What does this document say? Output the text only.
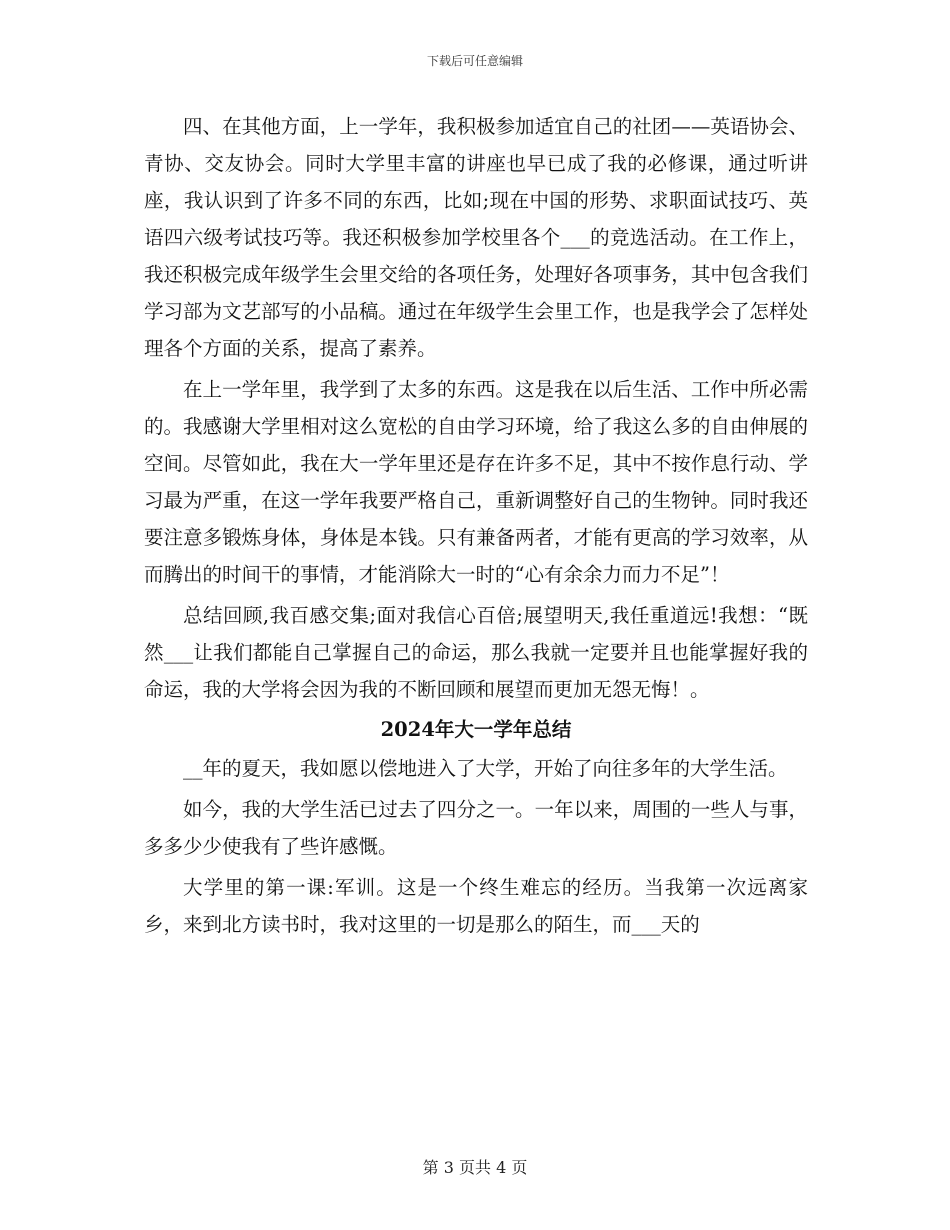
下载后可任意编辑

四、在其他方面，上一学年，我积极参加适宜自己的社团——英语协会、青协、交友协会。同时大学里丰富的讲座也早已成了我的必修课，通过听讲座，我认识到了许多不同的东西，比如;现在中国的形势、求职面试技巧、英语四六级考试技巧等。我还积极参加学校里各个___的竞选活动。在工作上，我还积极完成年级学生会里交给的各项任务，处理好各项事务，其中包含我们学习部为文艺部写的小品稿。通过在年级学生会里工作，也是我学会了怎样处理各个方面的关系，提高了素养。

在上一学年里，我学到了太多的东西。这是我在以后生活、工作中所必需的。我感谢大学里相对这么宽松的自由学习环境，给了我这么多的自由伸展的空间。尽管如此，我在大一学年里还是存在许多不足，其中不按作息行动、学习最为严重，在这一学年我要严格自己，重新调整好自己的生物钟。同时我还要注意多锻炼身体，身体是本钱。只有兼备两者，才能有更高的学习效率，从而腾出的时间干的事情，才能消除大一时的“心有余余力而力不足”！

总结回顾,我百感交集;面对我信心百倍;展望明天,我任重道远!我想：“既然___让我们都能自己掌握自己的命运，那么我就一定要并且也能掌握好我的命运，我的大学将会因为我的不断回顾和展望而更加无怨无悔！。

2024年大一学年总结

__年的夏天，我如愿以偿地进入了大学，开始了向往多年的大学生活。

如今，我的大学生活已过去了四分之一。一年以来，周围的一些人与事，多多少少使我有了些许感慨。

大学里的第一课:军训。这是一个终生难忘的经历。当我第一次远离家乡，来到北方读书时，我对这里的一切是那么的陌生，而___天的

第 3 页共 4 页
